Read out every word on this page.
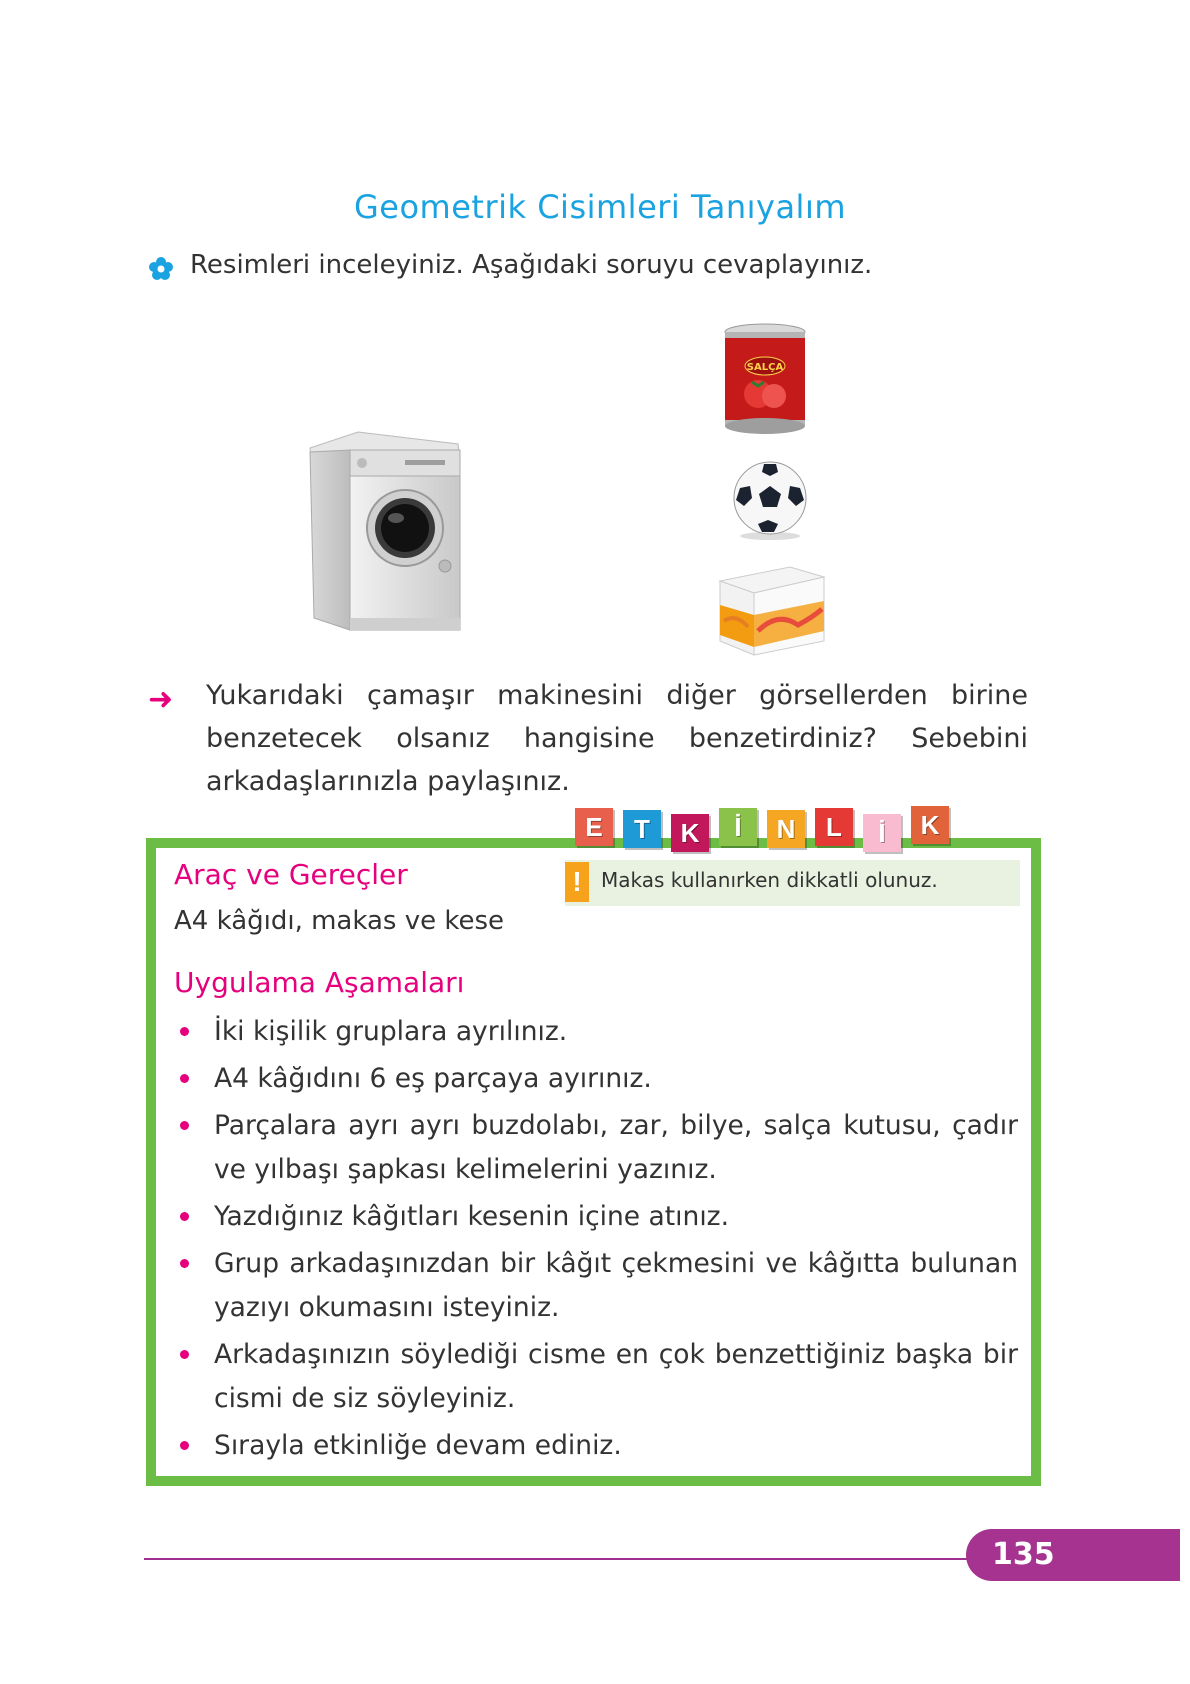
Geometrik Cisimleri Tanıyalım
Resimleri inceleyiniz. Aşağıdaki soruyu cevaplayınız.
SALÇA
➜ Yukarıdaki çamaşır makinesini diğer görsellerden birine benzetecek olsanız hangisine benzetirdiniz? Sebebini arkadaşlarınızla paylaşınız.
E	T	K	İ	N	L	İ	K
Araç ve Gereçler
A4 kâğıdı, makas ve kese
! Makas kullanırken dikkatli olunuz.
Uygulama Aşamaları
İki kişilik gruplara ayrılınız.
A4 kâğıdını 6 eş parçaya ayırınız.
Parçalara ayrı ayrı buzdolabı, zar, bilye, salça kutusu, çadır ve yılbaşı şapkası kelimelerini yazınız.
Yazdığınız kâğıtları kesenin içine atınız.
Grup arkadaşınızdan bir kâğıt çekmesini ve kâğıtta bulunan yazıyı okumasını isteyiniz.
Arkadaşınızın söylediği cisme en çok benzettiğiniz başka bir cismi de siz söyleyiniz.
Sırayla etkinliğe devam ediniz.
135
